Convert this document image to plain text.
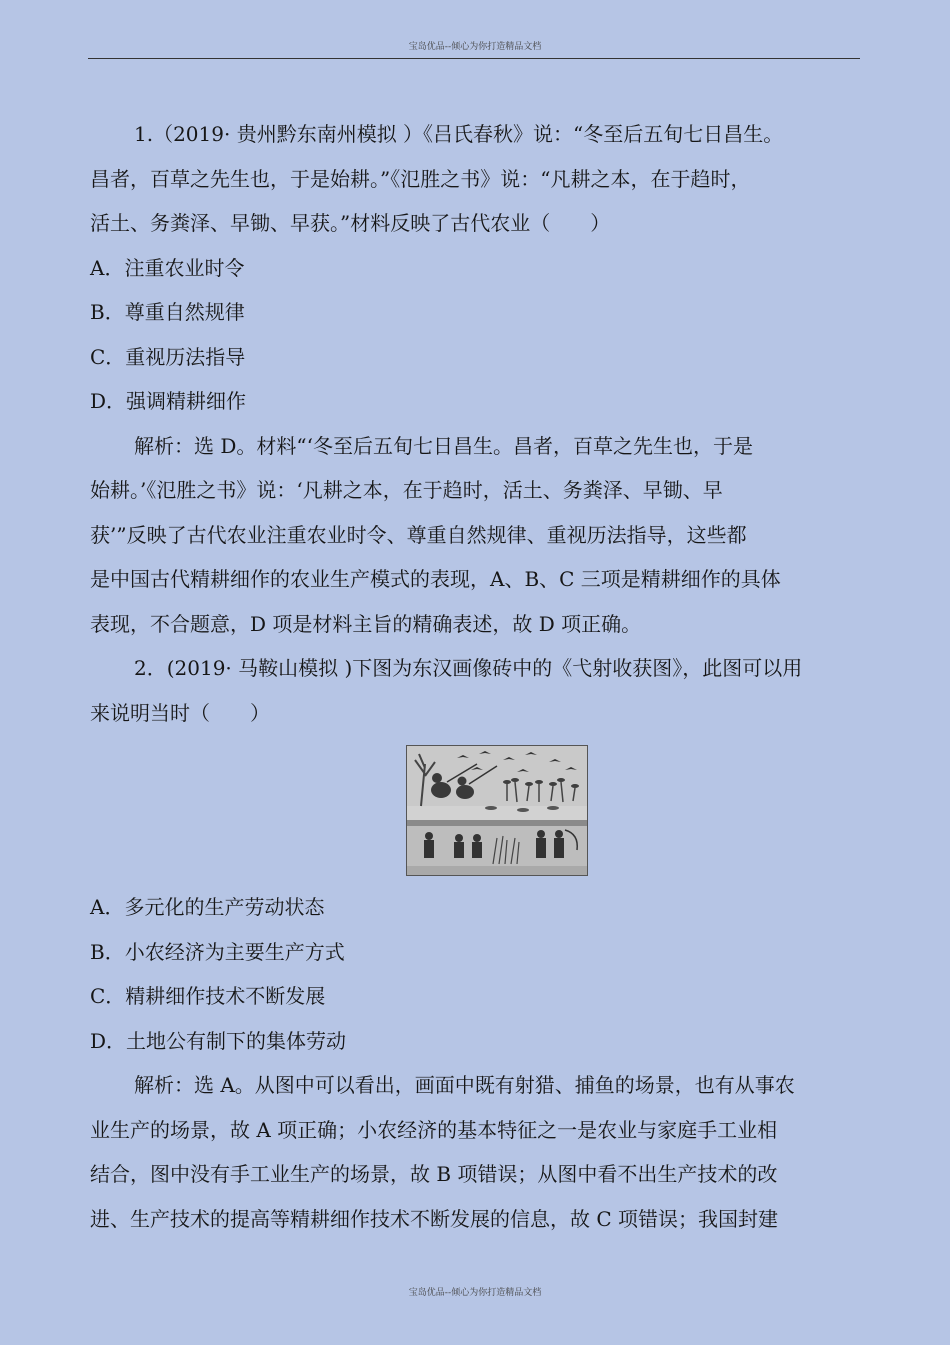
宝岛优品--倾心为你打造精品文档

1.（2019· 贵州黔东南州模拟 ）《吕氏春秋》说：“冬至后五旬七日昌生。

昌者，百草之先生也，于是始耕。”《氾胜之书》说：“凡耕之本，在于趋时，

活土、务粪泽、早锄、早获。”材料反映了古代农业（　　）

A．注重农业时令

B．尊重自然规律

C．重视历法指导

D．强调精耕细作

解析：选 D。材料“‘冬至后五旬七日昌生。昌者，百草之先生也，于是

始耕。’《氾胜之书》说：‘凡耕之本，在于趋时，活土、务粪泽、早锄、早

获’”反映了古代农业注重农业时令、尊重自然规律、重视历法指导，这些都

是中国古代精耕细作的农业生产模式的表现，A、B、C 三项是精耕细作的具体

表现，不合题意，D 项是材料主旨的精确表述，故 D 项正确。

2．(2019· 马鞍山模拟 )下图为东汉画像砖中的《弋射收获图》，此图可以用

来说明当时（　　）

A．多元化的生产劳动状态

B．小农经济为主要生产方式

C．精耕细作技术不断发展

D．土地公有制下的集体劳动

解析：选 A。从图中可以看出，画面中既有射猎、捕鱼的场景，也有从事农

业生产的场景，故 A 项正确；小农经济的基本特征之一是农业与家庭手工业相

结合，图中没有手工业生产的场景，故 B 项错误；从图中看不出生产技术的改

进、生产技术的提高等精耕细作技术不断发展的信息，故 C 项错误；我国封建

宝岛优品--倾心为你打造精品文档
